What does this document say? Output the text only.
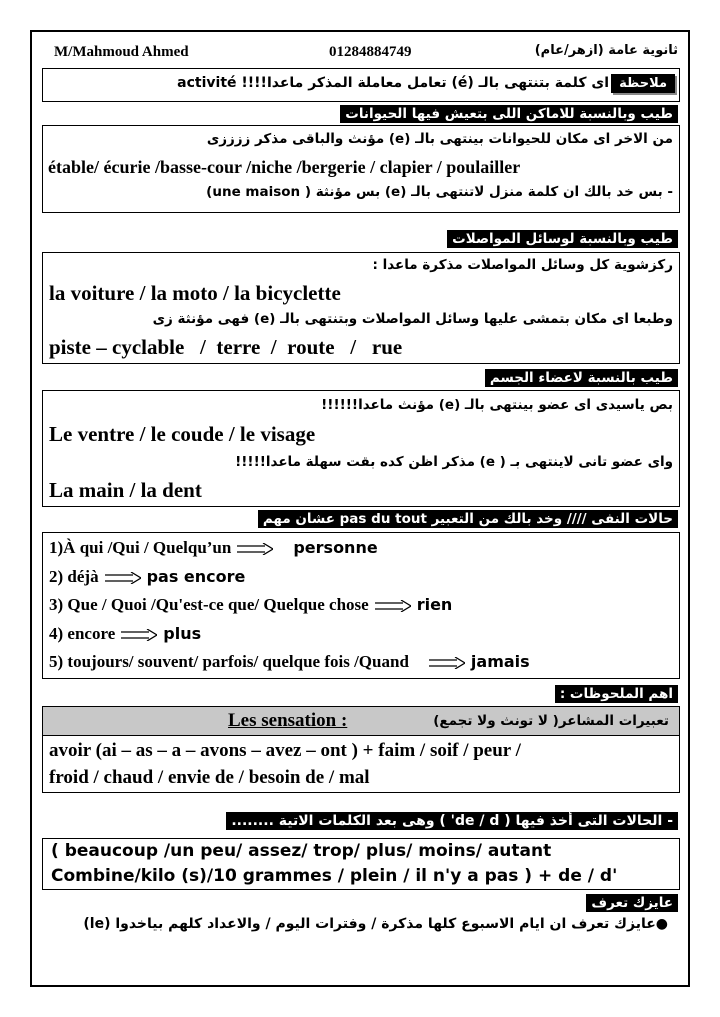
M/Mahmoud Ahmed	01284884749	ثانوية عامة (ازهر/عام)
ملاحظة
اى كلمة بتنتهى بالـ (é) تعامل معاملة المذكر ماعدا!!!! activité
طيب وبالنسبة للاماكن اللى بتعيش فيها الحيوانات
من الاخر اى مكان للحيوانات بينتهى بالـ (e) مؤنث والباقى مذكر ززززى
étable/ écurie /basse-cour /niche /bergerie / clapier / poulailler
- بس خد بالك ان كلمة منزل لاتنتهى بالـ (e) بس مؤنثة ( une maison)
طيب وبالنسبة لوسائل المواصلات
ركزشوية كل وسائل المواصلات مذكرة ماعدا :
la voiture / la moto / la bicyclette
وطبعا اى مكان بتمشى عليها وسائل المواصلات وبتنتهى بالـ (e) فهى مؤنثة زى
piste – cyclable   /  terre  /  route   /   rue
طيب بالنسبة لاعضاء الجسم
بص ياسيدى اى عضو بينتهى بالـ (e) مؤنث ماعدا!!!!!!
Le ventre / le coude / le visage
واى عضو تانى لاينتهى بـ ( e) مذكر اظن كده بقت سهلة ماعدا!!!!!
La main / la dent
حالات النفى //// وخد بالك من التعبير pas du tout عشان مهم
1)À qui /Qui / Quelqu’un	personne
2) déjà	pas encore
3) Que / Quoi /Qu'est-ce que/ Quelque chose	rien
4) encore	plus
5) toujours/ souvent/ parfois/ quelque fois /Quand	jamais
اهم الملحوظات :
تعبيرات المشاعر( لا تونث ولا تجمع)
Les sensation :
avoir (ai – as – a – avons – avez – ont ) + faim / soif / peur /
froid / chaud / envie de / besoin de / mal
- الحالات التى أخذ فيها ( de / d' ) وهى بعد الكلمات الاتية ........
( beaucoup /un peu/ assez/ trop/ plus/ moins/ autant
Combine/kilo (s)/10 grammes / plein / il n'y a pas ) + de / d'
عايزك تعرف
●عايزك تعرف ان ايام الاسبوع كلها مذكرة / وفترات اليوم / والاعداد كلهم بياخدوا (le)
